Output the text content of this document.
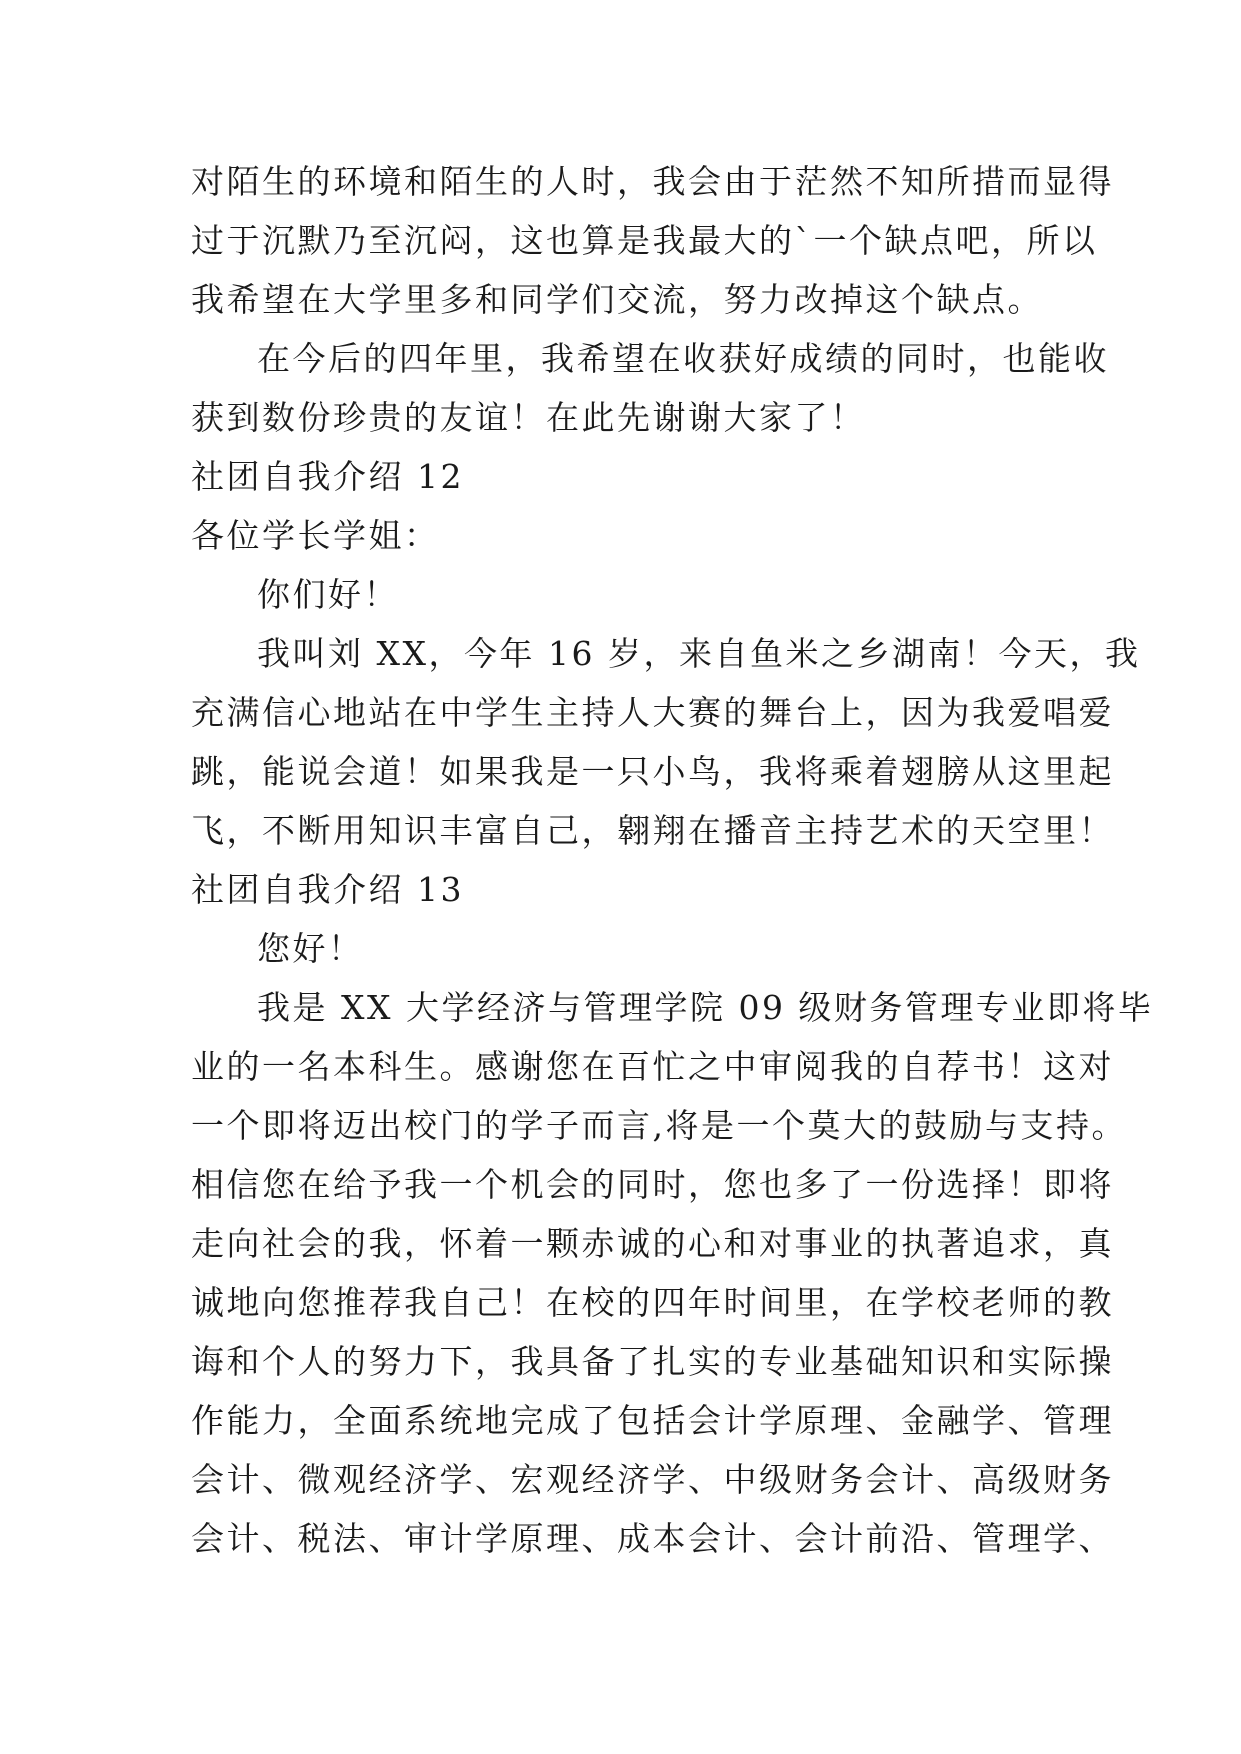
对陌生的环境和陌生的人时，我会由于茫然不知所措而显得
过于沉默乃至沉闷，这也算是我最大的`一个缺点吧，所以
我希望在大学里多和同学们交流，努力改掉这个缺点。
在今后的四年里，我希望在收获好成绩的同时，也能收
获到数份珍贵的友谊！在此先谢谢大家了！
社团自我介绍 12
各位学长学姐：
你们好！
我叫刘 XX，今年 16 岁，来自鱼米之乡湖南！今天，我
充满信心地站在中学生主持人大赛的舞台上，因为我爱唱爱
跳，能说会道！如果我是一只小鸟，我将乘着翅膀从这里起
飞，不断用知识丰富自己，翱翔在播音主持艺术的天空里！
社团自我介绍 13
您好！
我是 XX 大学经济与管理学院 09 级财务管理专业即将毕
业的一名本科生。感谢您在百忙之中审阅我的自荐书！这对
一个即将迈出校门的学子而言,将是一个莫大的鼓励与支持。
相信您在给予我一个机会的同时，您也多了一份选择！即将
走向社会的我，怀着一颗赤诚的心和对事业的执著追求，真
诚地向您推荐我自己！在校的四年时间里，在学校老师的教
诲和个人的努力下，我具备了扎实的专业基础知识和实际操
作能力，全面系统地完成了包括会计学原理、金融学、管理
会计、微观经济学、宏观经济学、中级财务会计、高级财务
会计、税法、审计学原理、成本会计、会计前沿、管理学、
